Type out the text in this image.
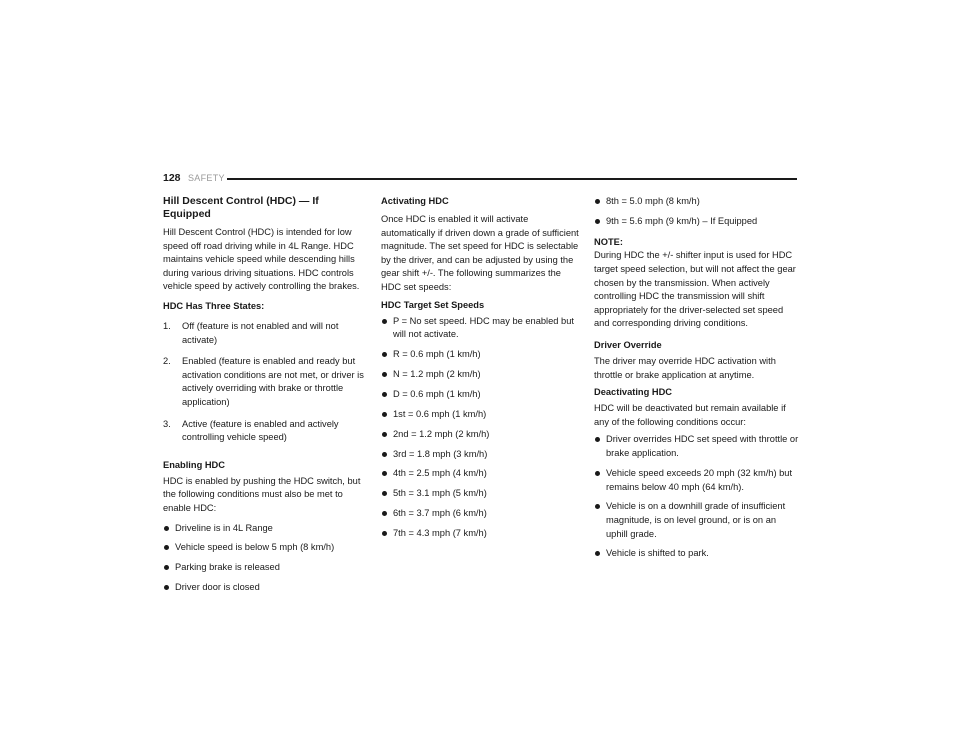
128 SAFETY
Hill Descent Control (HDC) — If Equipped

Hill Descent Control (HDC) is intended for low speed off road driving while in 4L Range. HDC maintains vehicle speed while descending hills during various driving situations. HDC controls vehicle speed by actively controlling the brakes.

HDC Has Three States:
1. Off (feature is not enabled and will not activate)
2. Enabled (feature is enabled and ready but activation conditions are not met, or driver is actively overriding with brake or throttle application)
3. Active (feature is enabled and actively controlling vehicle speed)
Enabling HDC

HDC is enabled by pushing the HDC switch, but the following conditions must also be met to enable HDC:

Driveline is in 4L Range
Vehicle speed is below 5 mph (8 km/h)
Parking brake is released
Driver door is closed
Activating HDC

Once HDC is enabled it will activate automatically if driven down a grade of sufficient magnitude. The set speed for HDC is selectable by the driver, and can be adjusted by using the gear shift +/-. The following summarizes the HDC set speeds:

HDC Target Set Speeds
P = No set speed. HDC may be enabled but will not activate.
R = 0.6 mph (1 km/h)
N = 1.2 mph (2 km/h)
D = 0.6 mph (1 km/h)
1st = 0.6 mph (1 km/h)
2nd = 1.2 mph (2 km/h)
3rd = 1.8 mph (3 km/h)
4th = 2.5 mph (4 km/h)
5th = 3.1 mph (5 km/h)
6th = 3.7 mph (6 km/h)
7th = 4.3 mph (7 km/h)
8th = 5.0 mph (8 km/h)
9th = 5.6 mph (9 km/h) – If Equipped

NOTE:

During HDC the +/- shifter input is used for HDC target speed selection, but will not affect the gear chosen by the transmission. When actively controlling HDC the transmission will shift appropriately for the driver-selected set speed and corresponding driving conditions.

Driver Override

The driver may override HDC activation with throttle or brake application at anytime.

Deactivating HDC

HDC will be deactivated but remain available if any of the following conditions occur:

Driver overrides HDC set speed with throttle or brake application.
Vehicle speed exceeds 20 mph (32 km/h) but remains below 40 mph (64 km/h).
Vehicle is on a downhill grade of insufficient magnitude, is on level ground, or is on an uphill grade.
Vehicle is shifted to park.
